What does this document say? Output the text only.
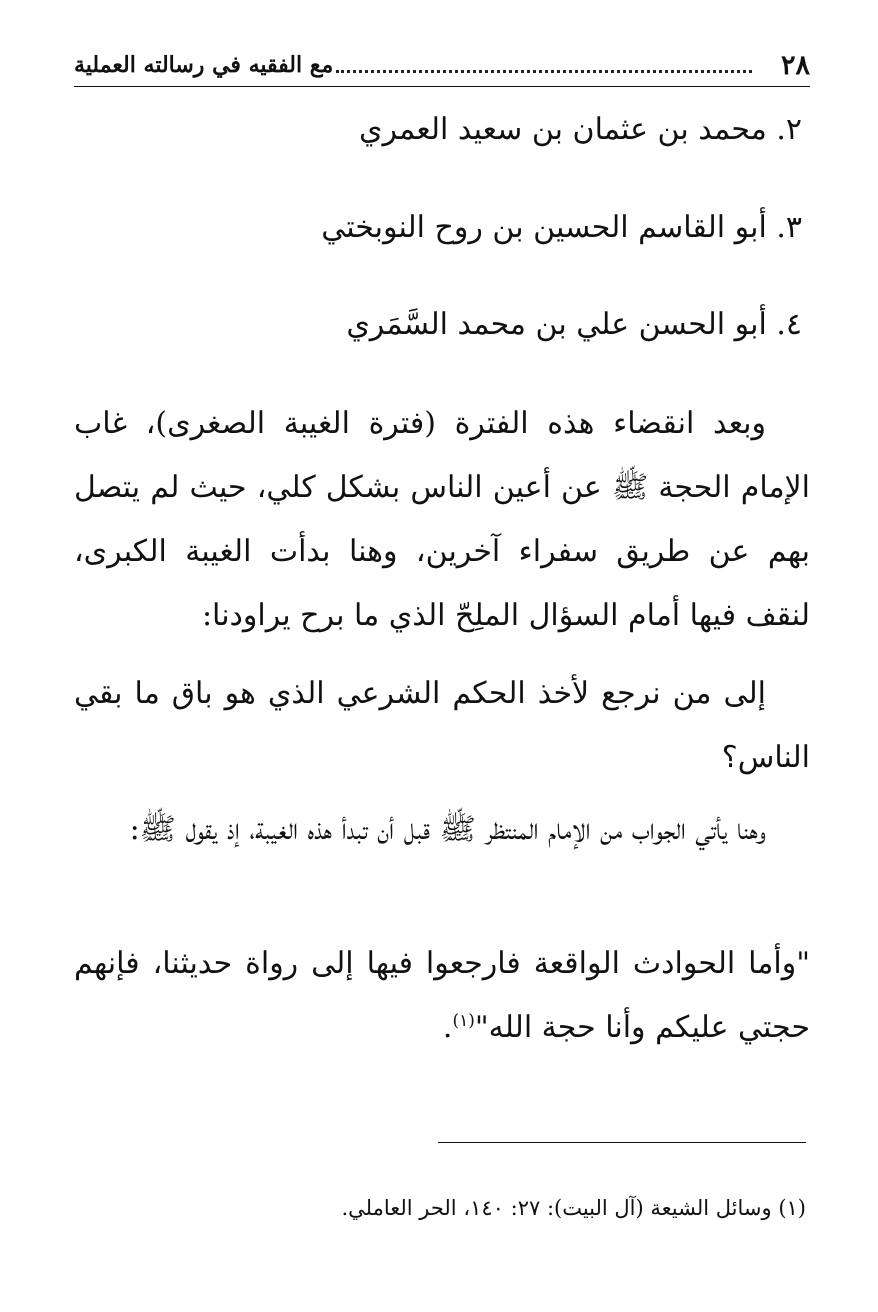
٢٨
مع الفقيه في رسالته العملية
٢. محمد بن عثمان بن سعيد العمري
٣. أبو القاسم الحسين بن روح النوبختي
٤. أبو الحسن علي بن محمد السَّمَري

وبعد انقضاء هذه الفترة (فترة الغيبة الصغرى)، غاب الإمام الحجة ﷺ عن أعين الناس بشكل كلي، حيث لم يتصل بهم عن طريق سفراء آخرين، وهنا بدأت الغيبة الكبرى، لنقف فيها أمام السؤال الملِحّ الذي ما برح يراودنا:

إلى من نرجع لأخذ الحكم الشرعي الذي هو باق ما بقي الناس؟

وهنا يأتي الجواب من الإمام المنتظر ﷺ قبل أن تبدأ هذه الغيبة، إذ يقول ﷺ:

"وأما الحوادث الواقعة فارجعوا فيها إلى رواة حديثنا، فإنهم حجتي عليكم وأنا حجة الله"$^{(١)}$.

(١) وسائل الشيعة (آل البيت): ٢٧: ١٤٠، الحر العاملي.
